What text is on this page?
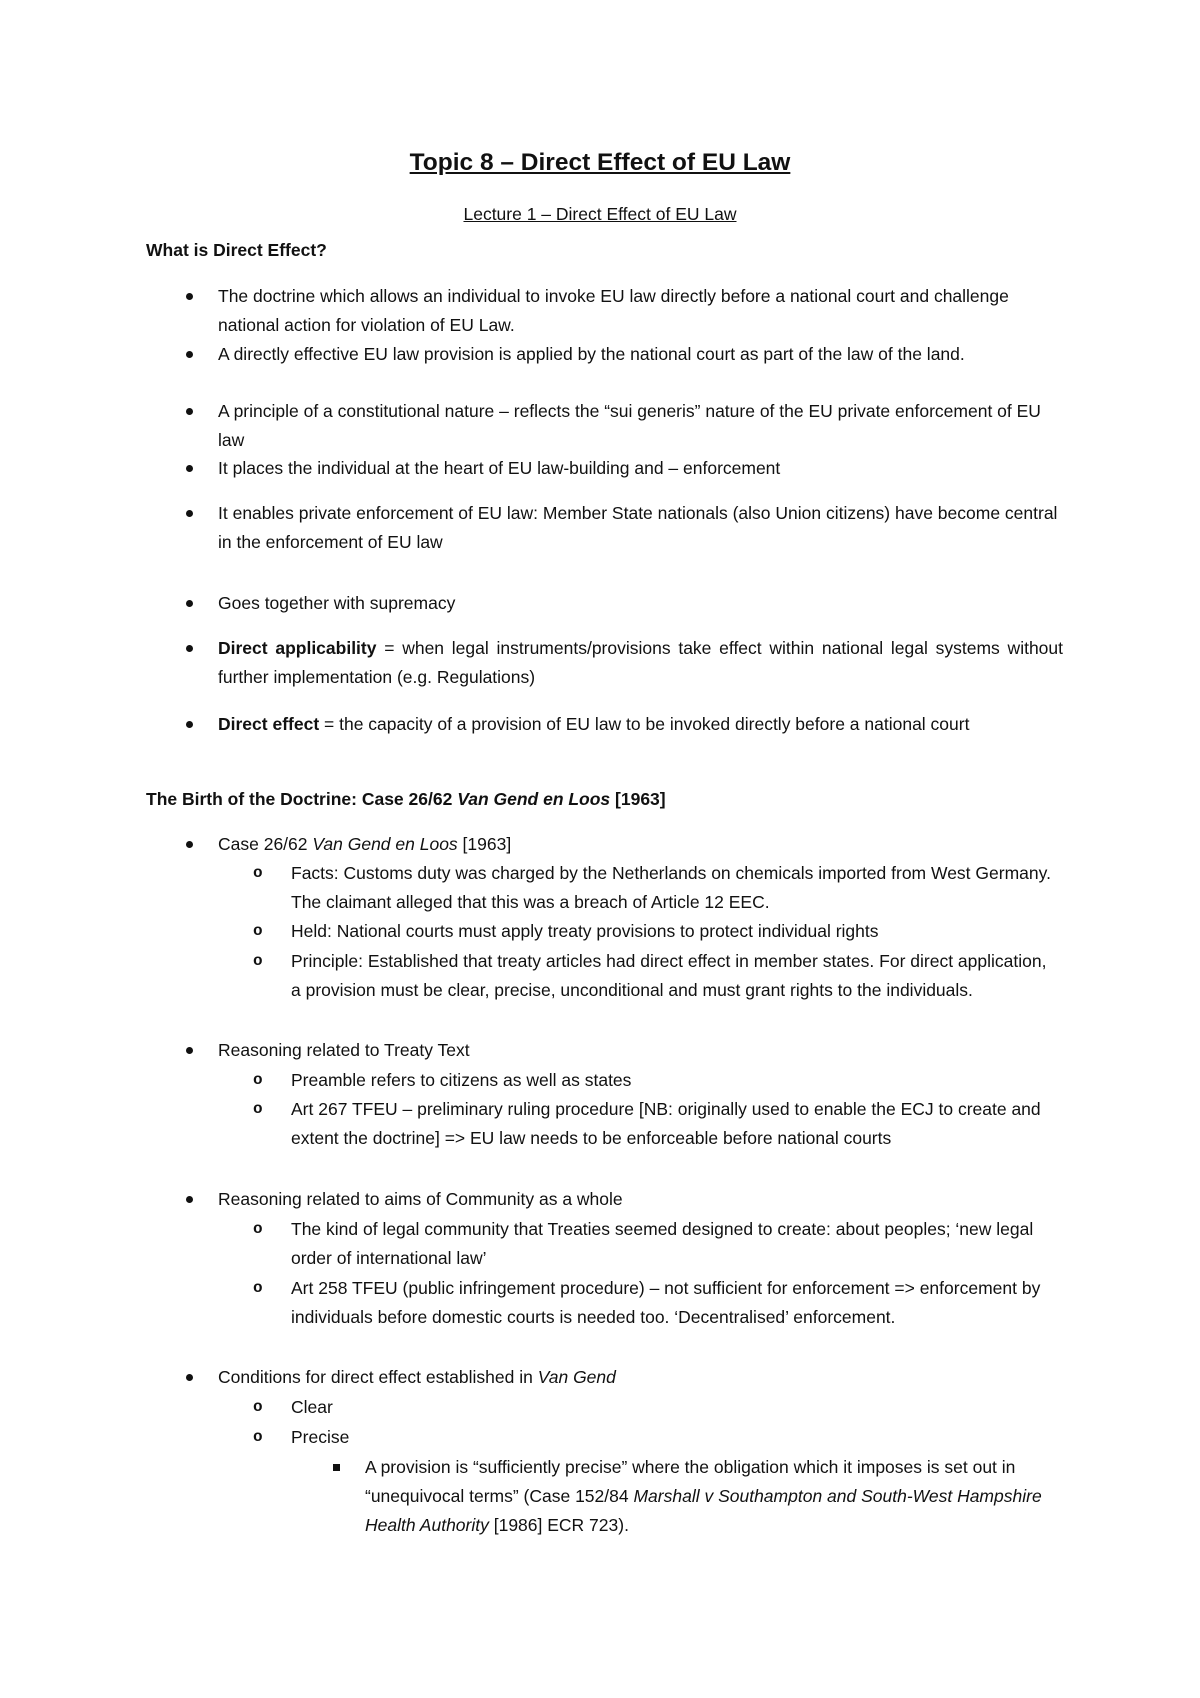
Topic 8 – Direct Effect of EU Law
Lecture 1 – Direct Effect of EU Law
What is Direct Effect?
The doctrine which allows an individual to invoke EU law directly before a national court and challenge national action for violation of EU Law.
A directly effective EU law provision is applied by the national court as part of the law of the land.
A principle of a constitutional nature – reflects the “sui generis” nature of the EU private enforcement of EU law
It places the individual at the heart of EU law-building and – enforcement
It enables private enforcement of EU law: Member State nationals (also Union citizens) have become central in the enforcement of EU law
Goes together with supremacy
Direct applicability = when legal instruments/provisions take effect within national legal systems without further implementation (e.g. Regulations)
Direct effect = the capacity of a provision of EU law to be invoked directly before a national court
The Birth of the Doctrine: Case 26/62 Van Gend en Loos [1963]
Case 26/62 Van Gend en Loos [1963]
o Facts: Customs duty was charged by the Netherlands on chemicals imported from West Germany. The claimant alleged that this was a breach of Article 12 EEC.
o Held: National courts must apply treaty provisions to protect individual rights
o Principle: Established that treaty articles had direct effect in member states. For direct application, a provision must be clear, precise, unconditional and must grant rights to the individuals.
Reasoning related to Treaty Text
o Preamble refers to citizens as well as states
o Art 267 TFEU – preliminary ruling procedure [NB: originally used to enable the ECJ to create and extent the doctrine] => EU law needs to be enforceable before national courts
Reasoning related to aims of Community as a whole
o The kind of legal community that Treaties seemed designed to create: about peoples; ‘new legal order of international law’
o Art 258 TFEU (public infringement procedure) – not sufficient for enforcement => enforcement by individuals before domestic courts is needed too. ‘Decentralised’ enforcement.
Conditions for direct effect established in Van Gend
o Clear
o Precise
A provision is “sufficiently precise” where the obligation which it imposes is set out in “unequivocal terms” (Case 152/84 Marshall v Southampton and South-West Hampshire Health Authority [1986] ECR 723).
